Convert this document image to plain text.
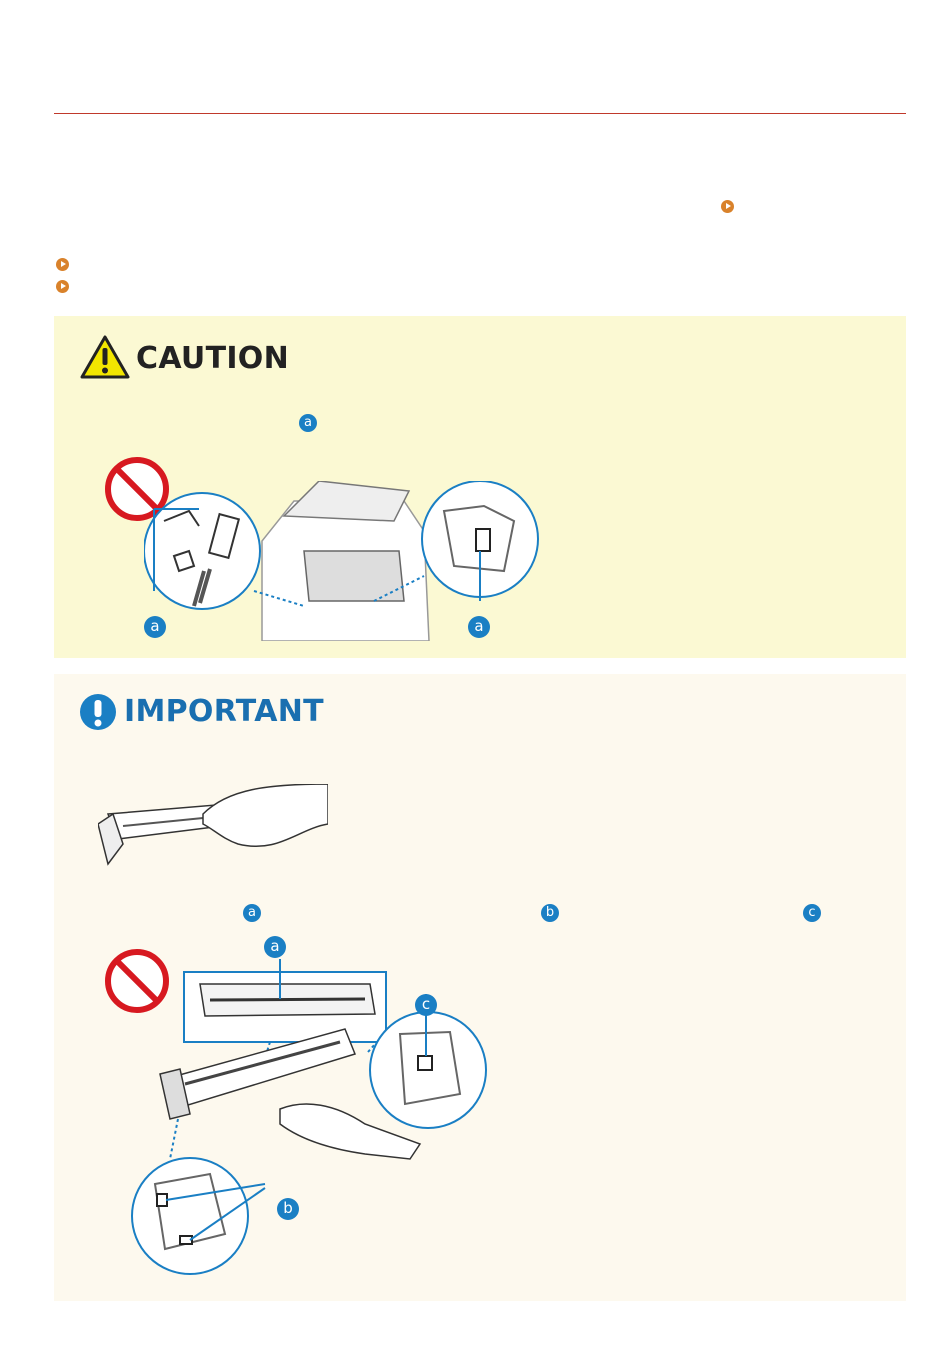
CAUTION
a
a	a
IMPORTANT
a	b	c
a
c
b
